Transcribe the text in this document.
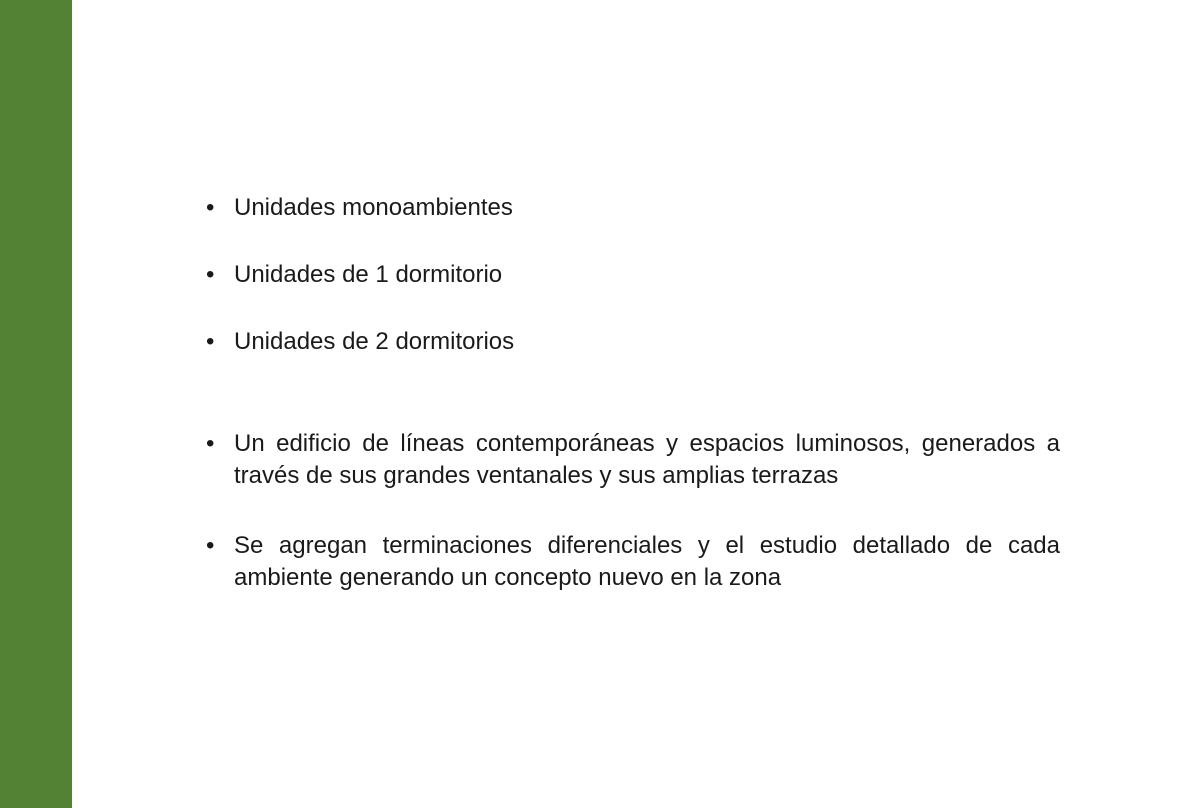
• Unidades monoambientes
• Unidades de 1 dormitorio
• Unidades de 2 dormitorios
• Un edificio de líneas contemporáneas y espacios luminosos, generados a través de sus grandes ventanales y sus amplias terrazas
• Se agregan terminaciones diferenciales y el estudio detallado de cada ambiente generando un concepto nuevo en la zona
